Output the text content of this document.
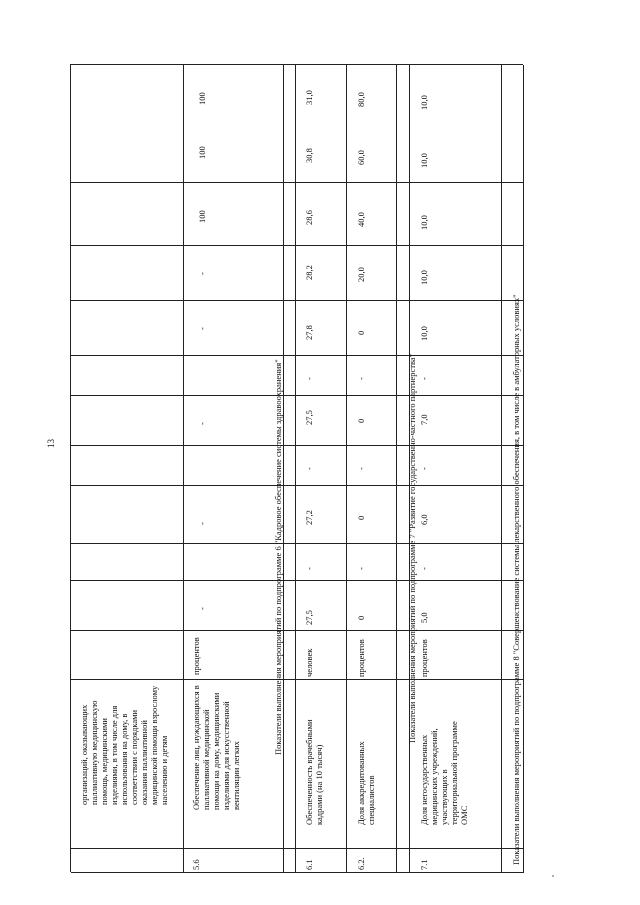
13
организаций, оказывающих паллиативную медицинскую помощь, медицинскими изделиями, в том числе для использования на дому, в соответствии с порядками оказания паллиативной медицинской помощи взрослому населению и детям
5.6
Обеспечение лиц, нуждающихся в паллиативной медицинской помощи на дому, медицинскими изделиями для искусственной вентиляции легких
процентов
-
-
-
-
-
100
100
100
Показатели выполнения мероприятий по подпрограмме 6 "Кадровое обеспечение системы здравоохранения"
6.1
Обеспеченность врачебными кадрами (на 10 тысяч)
человек
27,5
-
27,2
-
27,5
-
27,8
28,2
28,6
30,8
31,0
6.2.
Доля аккредитованных специалистов
процентов
0
-
0
-
0
-
0
20,0
40,0
60,0
80,0
Показатели выполнения мероприятий по подпрограмме 7 "Развитие государственно-частного партнерства"
7.1
Доля негосударственных медицинских учреждений, участвующих в территориальной программе ОМС
процентов
5,0
-
6,0
-
7,0
-
10,0
10,0
10,0
10,0
10,0
Показатели выполнения мероприятий по подпрограмме 8 "Совершенствование системы лекарственного обеспечения, в том числе в амбулаторных условиях"
